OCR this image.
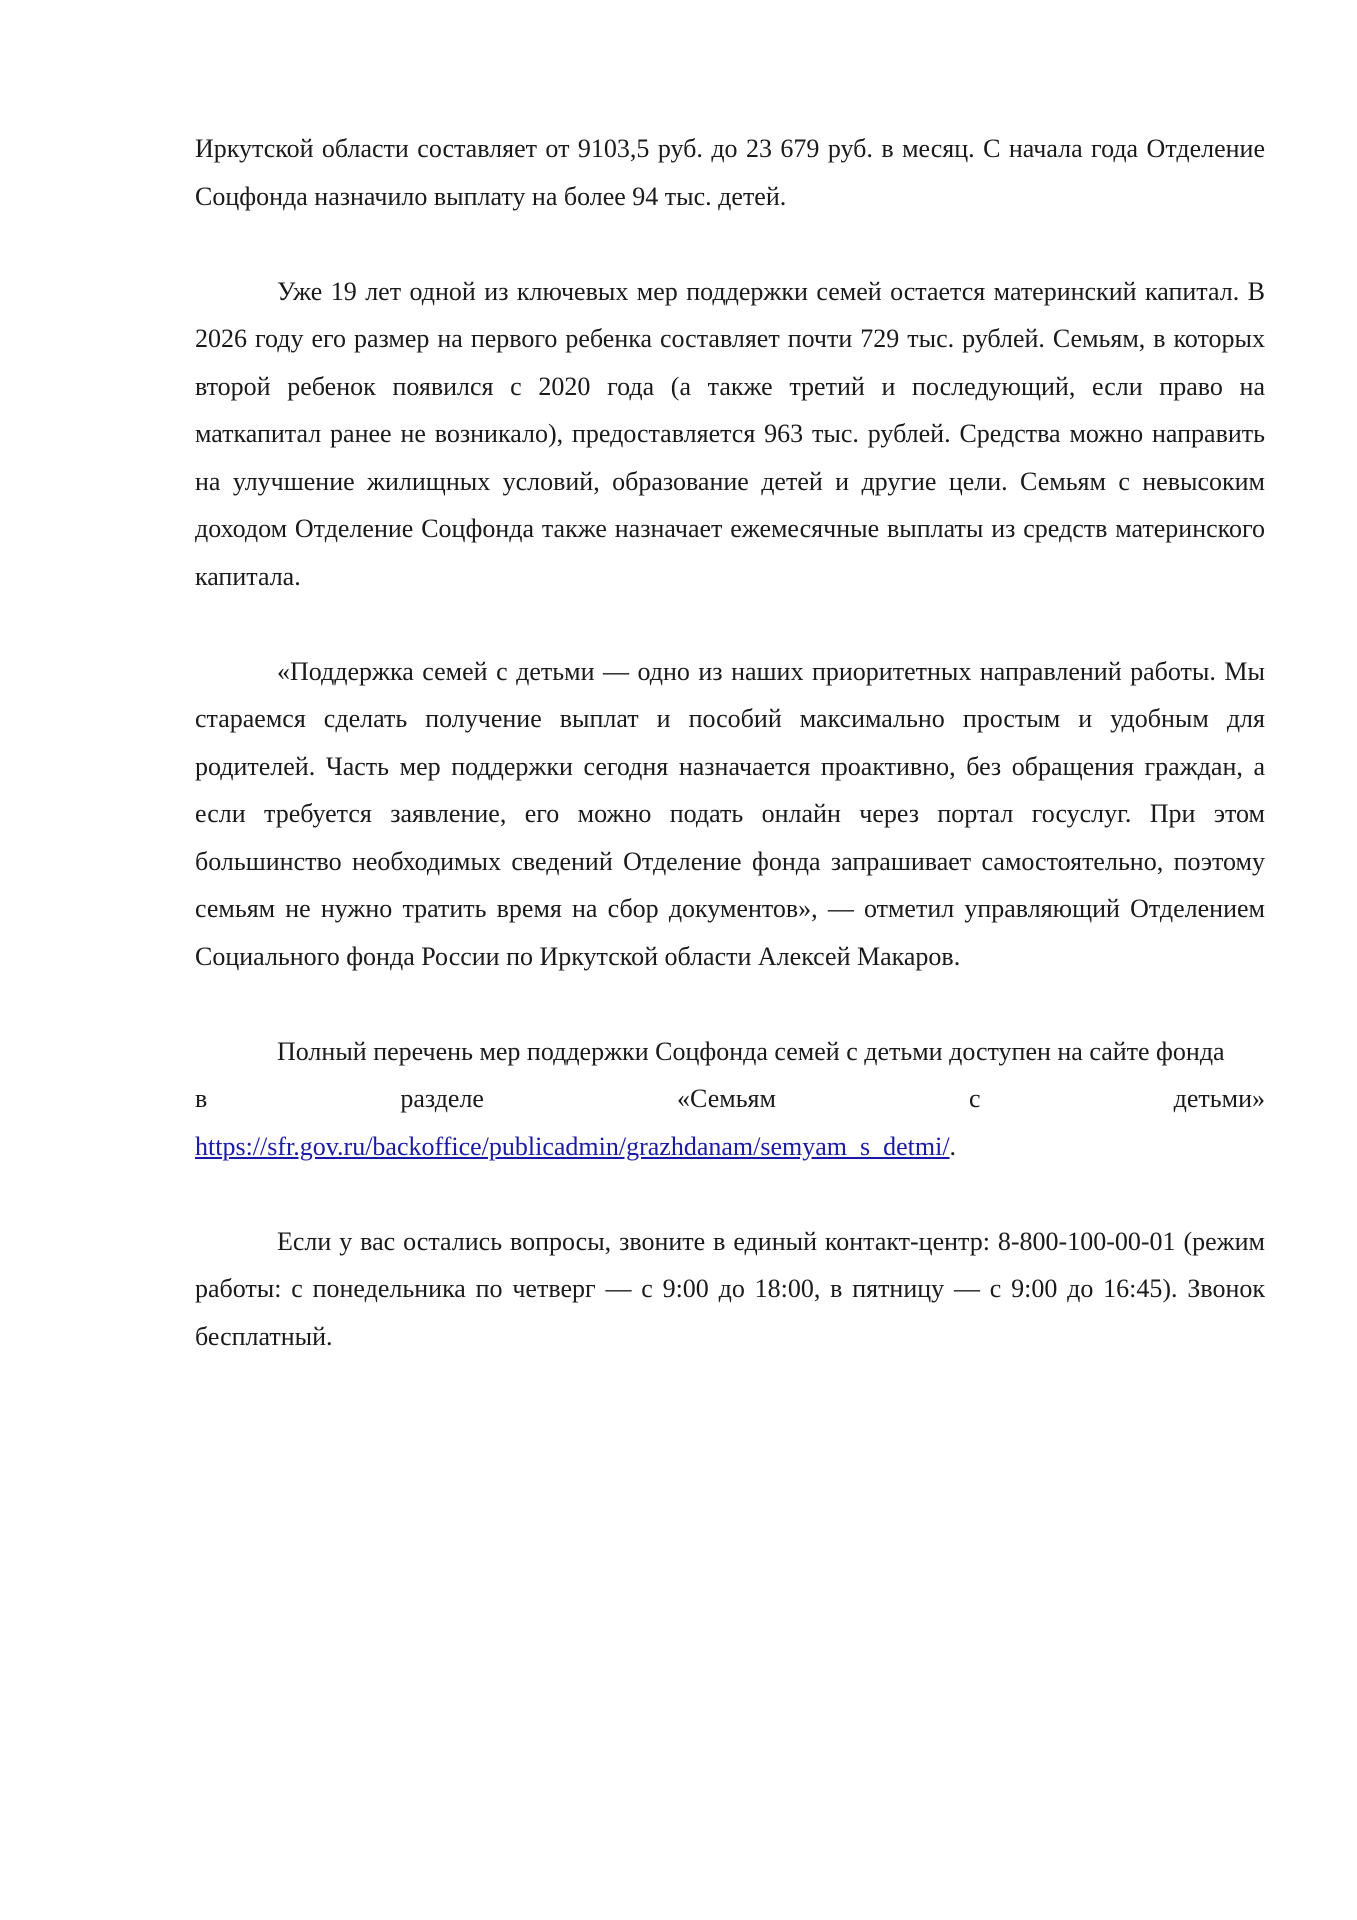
Иркутской области составляет от 9103,5 руб. до 23 679 руб. в месяц. С начала года Отделение Соцфонда назначило выплату на более 94 тыс. детей.

Уже 19 лет одной из ключевых мер поддержки семей остается материнский капитал. В 2026 году его размер на первого ребенка составляет почти 729 тыс. рублей. Семьям, в которых второй ребенок появился с 2020 года (а также третий и последующий, если право на маткапитал ранее не возникало), предоставляется 963 тыс. рублей. Средства можно направить на улучшение жилищных условий, образование детей и другие цели. Семьям с невысоким доходом Отделение Соцфонда также назначает ежемесячные выплаты из средств материнского капитала.

«Поддержка семей с детьми — одно из наших приоритетных направлений работы. Мы стараемся сделать получение выплат и пособий максимально простым и удобным для родителей. Часть мер поддержки сегодня назначается проактивно, без обращения граждан, а если требуется заявление, его можно подать онлайн через портал госуслуг. При этом большинство необходимых сведений Отделение фонда запрашивает самостоятельно, поэтому семьям не нужно тратить время на сбор документов», — отметил управляющий Отделением Социального фонда России по Иркутской области Алексей Макаров.

Полный перечень мер поддержки Соцфонда семей с детьми доступен на сайте фонда

в разделе «Семьям с детьми»

https://sfr.gov.ru/backoffice/publicadmin/grazhdanam/semyam_s_detmi/.

Если у вас остались вопросы, звоните в единый контакт-центр: 8-800-100-00-01 (режим работы: с понедельника по четверг — с 9:00 до 18:00, в пятницу — с 9:00 до 16:45). Звонок бесплатный.
